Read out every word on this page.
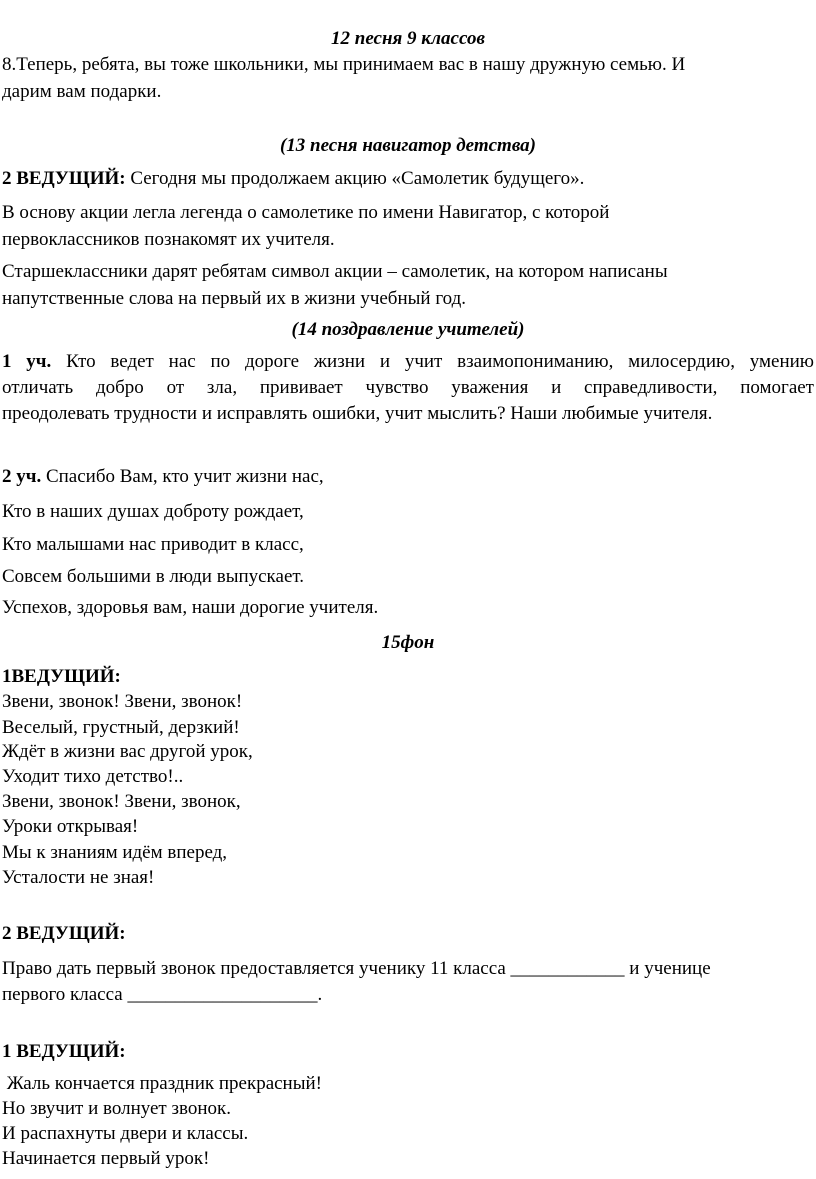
12 песня 9 классов
8.Теперь, ребята, вы тоже школьники, мы принимаем вас в нашу дружную семью. И
дарим вам подарки.
(13 песня навигатор детства)
2 ВЕДУЩИЙ: Сегодня мы продолжаем акцию «Самолетик будущего».
В основу акции легла легенда о самолетике по имени Навигатор, с которой
первоклассников познакомят их учителя.
Старшеклассники дарят ребятам символ акции – самолетик, на котором написаны
напутственные слова на первый их в жизни учебный год.
(14 поздравление учителей)
1 уч. Кто ведет нас по дороге жизни и учит взаимопониманию, милосердию, умению
отличать добро от зла, прививает чувство уважения и справедливости, помогает
преодолевать трудности и исправлять ошибки, учит мыслить? Наши любимые учителя.
2 уч. Спасибо Вам, кто учит жизни нас,
Кто в наших душах доброту рождает,
Кто малышами нас приводит в класс,
Совсем большими в люди выпускает.
Успехов, здоровья вам, наши дорогие учителя.
15фон
1ВЕДУЩИЙ:
Звени, звонок! Звени, звонок!
Веселый, грустный, дерзкий!
Ждёт в жизни вас другой урок,
Уходит тихо детство!..
Звени, звонок! Звени, звонок,
Уроки открывая!
Мы к знаниям идём вперед,
Усталости не зная!
2 ВЕДУЩИЙ:
Право дать первый звонок предоставляется ученику 11 класса ____________ и ученице
первого класса ____________________.
1 ВЕДУЩИЙ:
Жаль кончается праздник прекрасный!
Но звучит и волнует звонок.
И распахнуты двери и классы.
Начинается первый урок!
